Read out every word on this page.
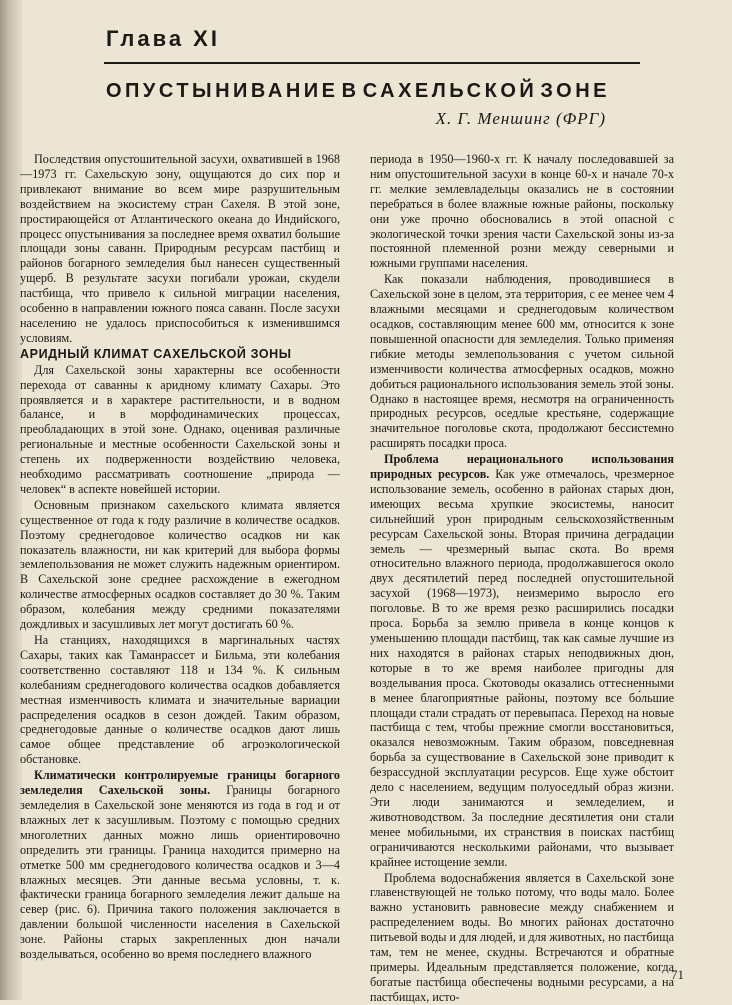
Глава XI
ОПУСТЫНИВАНИЕ В САХЕЛЬСКОЙ ЗОНЕ
Х. Г. Меншинг (ФРГ)

Последствия опустошительной засухи, охватившей в 1968—1973 гг. Сахельскую зону, ощущаются до сих пор и привлекают внимание во всем мире разрушительным воздействием на экосистему стран Сахеля. В этой зоне, простирающейся от Атлантического океана до Индийского, процесс опустынивания за последнее время охватил большие площади зоны саванн. Природным ресурсам пастбищ и районов богарного земледелия был нанесен существенный ущерб. В результате засухи погибали урожаи, скудели пастбища, что привело к сильной миграции населения, особенно в направлении южного пояса саванн. После засухи населению не удалось приспособиться к изменившимся условиям.

АРИДНЫЙ КЛИМАТ САХЕЛЬСКОЙ ЗОНЫ

Для Сахельской зоны характерны все особенности перехода от саванны к аридному климату Сахары. Это проявляется и в характере растительности, и в водном балансе, и в морфодинамических процессах, преобладающих в этой зоне. Однако, оценивая различные региональные и местные особенности Сахельской зоны и степень их подверженности воздействию человека, необходимо рассматривать соотношение „природа — человек“ в аспекте новейшей истории.

Основным признаком сахельского климата является существенное от года к году различие в количестве осадков. Поэтому среднегодовое количество осадков ни как показатель влажности, ни как критерий для выбора формы землепользования не может служить надежным ориентиром. В Сахельской зоне среднее расхождение в ежегодном количестве атмосферных осадков составляет до 30 %. Таким образом, колебания между средними показателями дождливых и засушливых лет могут достигать 60 %.

На станциях, находящихся в маргинальных частях Сахары, таких как Таманрассет и Бильма, эти колебания соответственно составляют 118 и 134 %. К сильным колебаниям среднегодового количества осадков добавляется местная изменчивость климата и значительные вариации распределения осадков в сезон дождей. Таким образом, среднегодовые данные о количестве осадков дают лишь самое общее представление об агроэкологической обстановке.

Климатически контролируемые границы богарного земледелия Сахельской зоны. Границы богарного земледелия в Сахельской зоне меняются из года в год и от влажных лет к засушливым. Поэтому с помощью средних многолетних данных можно лишь ориентировочно определить эти границы. Граница находится примерно на отметке 500 мм среднегодового количества осадков и 3—4 влажных месяцев. Эти данные весьма условны, т. к. фактически граница богарного земледелия лежит дальше на север (рис. 6). Причина такого положения заключается в давлении большой численности населения в Сахельской зоне. Районы старых закрепленных дюн начали возделываться, особенно во время последнего влажного

периода в 1950—1960-х гг. К началу последовавшей за ним опустошительной засухи в конце 60-х и начале 70-х гг. мелкие землевладельцы оказались не в состоянии перебраться в более влажные южные районы, поскольку они уже прочно обосновались в этой опасной с экологической точки зрения части Сахельской зоны из-за постоянной племенной розни между северными и южными группами населения.

Как показали наблюдения, проводившиеся в Сахельской зоне в целом, эта территория, с ее менее чем 4 влажными месяцами и среднегодовым количеством осадков, составляющим менее 600 мм, относится к зоне повышенной опасности для земледелия. Только применяя гибкие методы землепользования с учетом сильной изменчивости количества атмосферных осадков, можно добиться рационального использования земель этой зоны. Однако в настоящее время, несмотря на ограниченность природных ресурсов, оседлые крестьяне, содержащие значительное поголовье скота, продолжают бессистемно расширять посадки проса.

Проблема нерационального использования природных ресурсов. Как уже отмечалось, чрезмерное использование земель, особенно в районах старых дюн, имеющих весьма хрупкие экосистемы, наносит сильнейший урон природным сельскохозяйственным ресурсам Сахельской зоны. Вторая причина деградации земель — чрезмерный выпас скота. Во время относительно влажного периода, продолжавшегося около двух десятилетий перед последней опустошительной засухой (1968—1973), неизмеримо выросло его поголовье. В то же время резко расширились посадки проса. Борьба за землю привела в конце концов к уменьшению площади пастбищ, так как самые лучшие из них находятся в районах старых неподвижных дюн, которые в то же время наиболее пригодны для возделывания проса. Скотоводы оказались оттесненными в менее благоприятные районы, поэтому все бо́льшие площади стали страдать от перевыпаса. Переход на новые пастбища с тем, чтобы прежние смогли восстановиться, оказался невозможным. Таким образом, повседневная борьба за существование в Сахельской зоне приводит к безрассудной эксплуатации ресурсов. Еще хуже обстоит дело с населением, ведущим полуоседлый образ жизни. Эти люди занимаются и земледелием, и животноводством. За последние десятилетия они стали менее мобильными, их странствия в поисках пастбищ ограничиваются несколькими районами, что вызывает крайнее истощение земли.

Проблема водоснабжения является в Сахельской зоне главенствующей не только потому, что воды мало. Более важно установить равновесие между снабжением и распределением воды. Во многих районах достаточно питьевой воды и для людей, и для животных, но пастбища там, тем не менее, скудны. Встречаются и обратные примеры. Идеальным представляется положение, когда богатые пастбища обеспечены водными ресурсами, а на пастбищах, исто-

71
